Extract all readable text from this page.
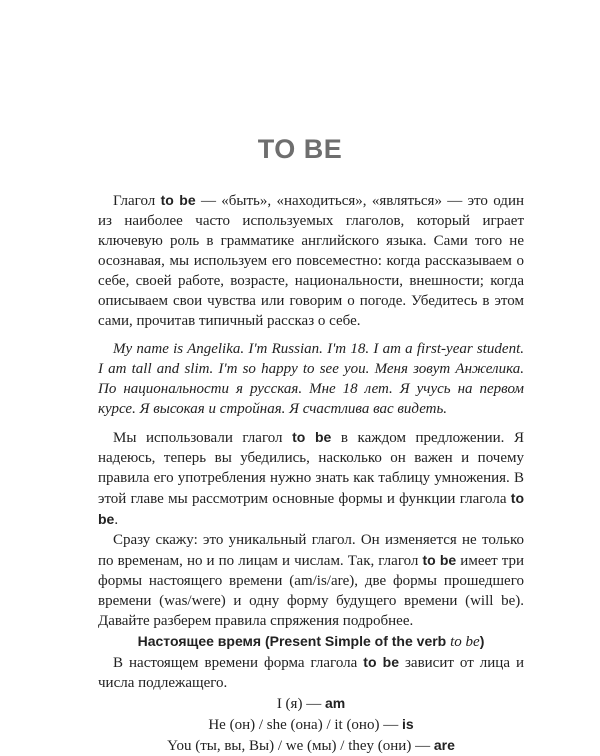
TO BE

Глагол to be — «быть», «находиться», «являться» — это один из наиболее часто используемых глаголов, который играет ключевую роль в грамматике английского языка. Сами того не осознавая, мы используем его повсеместно: когда рассказываем о себе, своей работе, возрасте, национальности, внешности; когда описываем свои чувства или говорим о погоде. Убедитесь в этом сами, прочитав типичный рассказ о себе.

My name is Angelika. I'm Russian. I'm 18. I am a first-year student. I am tall and slim. I'm so happy to see you. Меня зовут Анжелика. По национальности я русская. Мне 18 лет. Я учусь на первом курсе. Я высокая и стройная. Я счастлива вас видеть.

Мы использовали глагол to be в каждом предложении. Я надеюсь, теперь вы убедились, насколько он важен и почему правила его употребления нужно знать как таблицу умножения. В этой главе мы рассмотрим основные формы и функции глагола to be.

Сразу скажу: это уникальный глагол. Он изменяется не только по временам, но и по лицам и числам. Так, глагол to be имеет три формы настоящего времени (am/is/are), две формы прошедшего времени (was/were) и одну форму будущего времени (will be). Давайте разберем правила спряжения подробнее.

Настоящее время (Present Simple of the verb to be)

В настоящем времени форма глагола to be зависит от лица и числа подлежащего.

I (я) — am

He (он) / she (она) / it (оно) — is

You (ты, вы, Вы) / we (мы) / they (они) — are
